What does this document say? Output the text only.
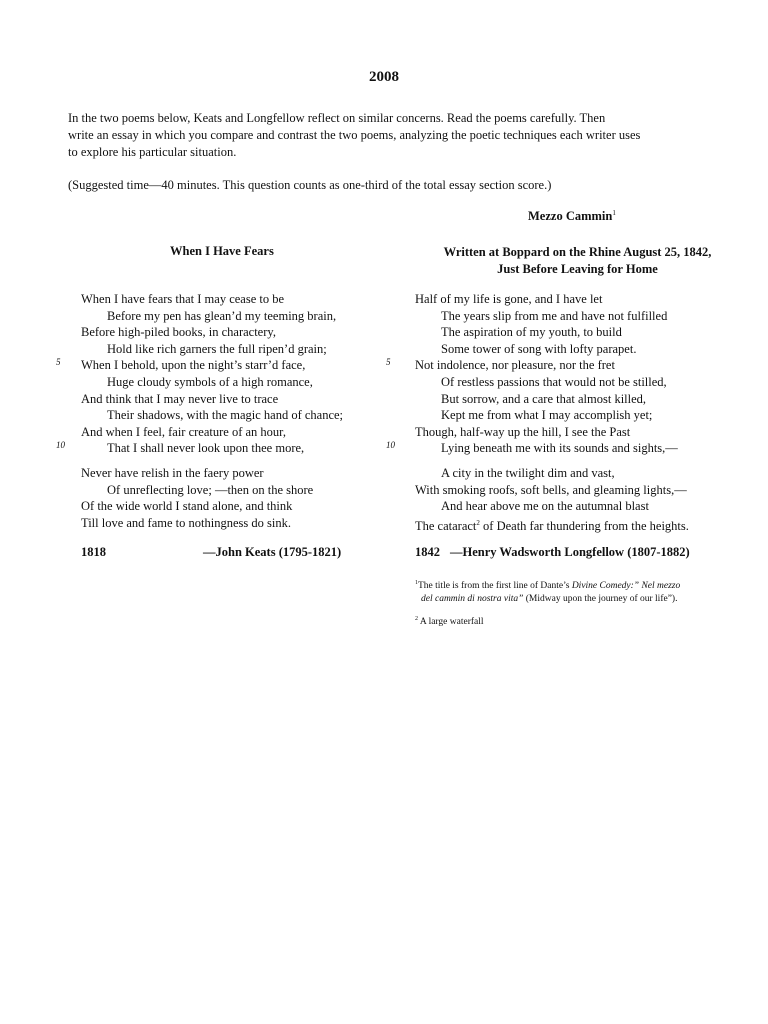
2008
In the two poems below, Keats and Longfellow reflect on similar concerns. Read the poems carefully. Then
write an essay in which you compare and contrast the two poems, analyzing the poetic techniques each writer uses
to explore his particular situation.
(Suggested time—40 minutes. This question counts as one-third of the total essay section score.)
Mezzo Cammin$^1$
When I Have Fears	Written at Boppard on the Rhine August 25, 1842,
Just Before Leaving for Home
When I have fears that I may cease to be
Before my pen has glean’d my teeming brain,
Before high-piled books, in charactery,
Hold like rich garners the full ripen’d grain;
When I behold, upon the night’s starr’d face,
Huge cloudy symbols of a high romance,
And think that I may never live to trace
Their shadows, with the magic hand of chance;
And when I feel, fair creature of an hour,
That I shall never look upon thee more,
Never have relish in the faery power
Of unreflecting love; —then on the shore
Of the wide world I stand alone, and think
Till love and fame to nothingness do sink.
Half of my life is gone, and I have let
The years slip from me and have not fulfilled
The aspiration of my youth, to build
Some tower of song with lofty parapet.
Not indolence, nor pleasure, nor the fret
Of restless passions that would not be stilled,
But sorrow, and a care that almost killed,
Kept me from what I may accomplish yet;
Though, half-way up the hill, I see the Past
Lying beneath me with its sounds and sights,—
A city in the twilight dim and vast,
With smoking roofs, soft bells, and gleaming lights,—
And hear above me on the autumnal blast
The cataract$^2$ of Death far thundering from the heights.
5
10
5
10
1818	—John Keats (1795-1821)	1842 —Henry Wadsworth Longfellow (1807-1882)
$^1$The title is from the first line of Dante’s Divine Comedy:” Nel mezzo
del cammin di nostra vita” (Midway upon the journey of our life”).
$^2$ A large waterfall
